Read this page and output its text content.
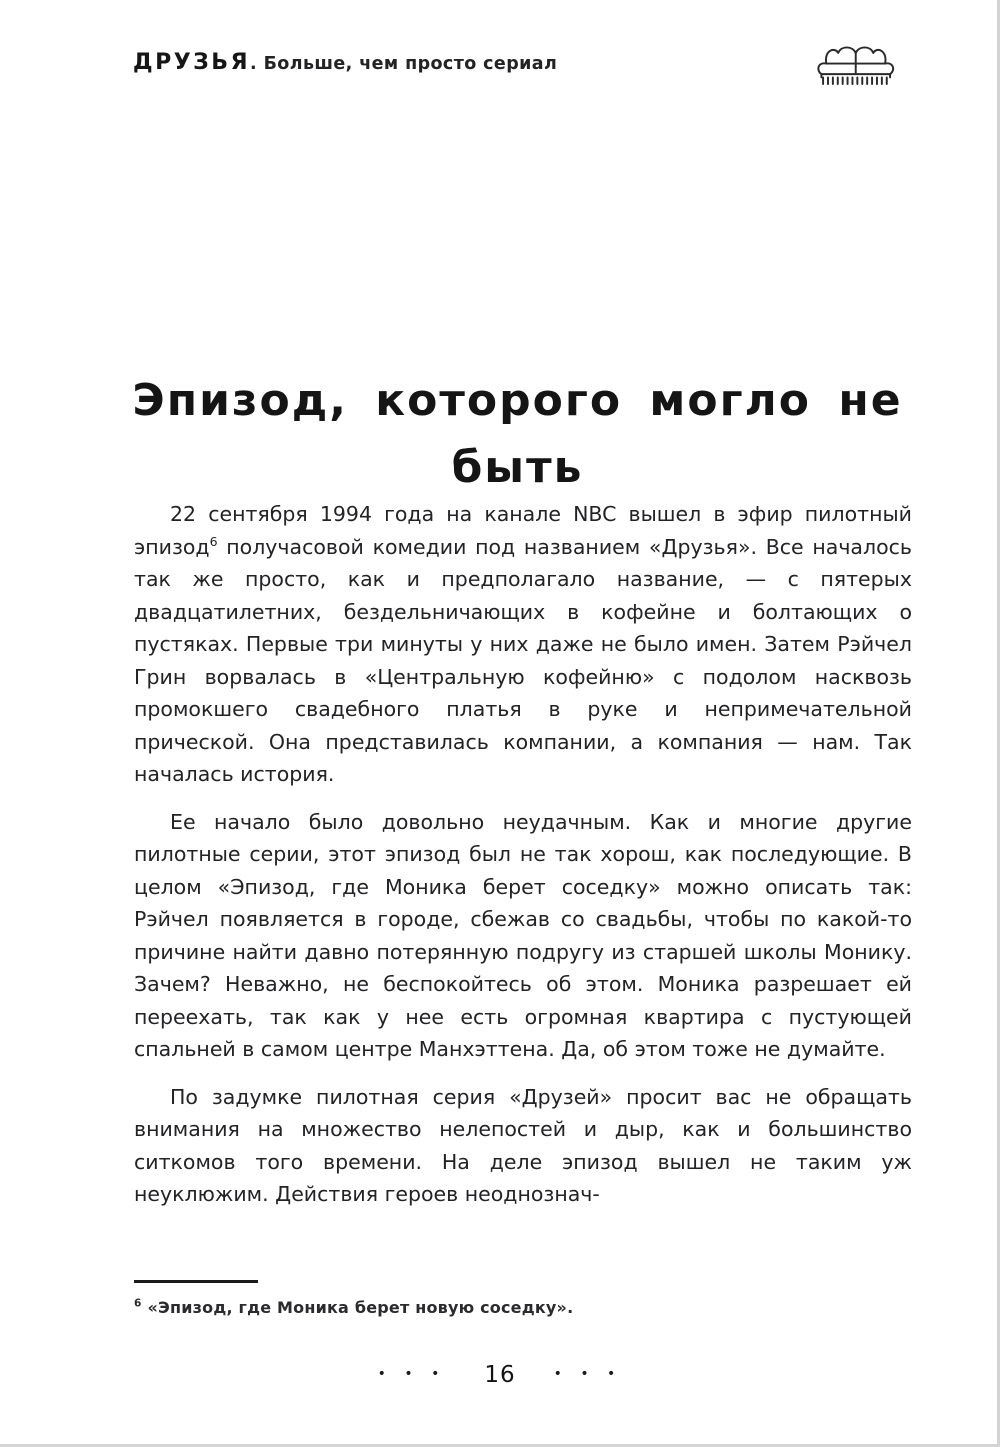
ДРУЗЬЯ. Больше, чем просто сериал
Эпизод, которого могло не
быть

22 сентября 1994 года на канале NBC вышел в эфир пилотный эпизод$^6$ получасовой комедии под названием «Друзья». Все началось так же просто, как и предполагало название, — с пятерых двадцатилетних, бездельничающих в кофейне и болтающих о пустяках. Первые три минуты у них даже не было имен. Затем Рэйчел Грин ворвалась в «Центральную кофейню» с подолом насквозь промокшего свадебного платья в руке и непримечательной прической. Она представилась компании, а компания — нам. Так началась история.

Ее начало было довольно неудачным. Как и многие другие пилотные серии, этот эпизод был не так хорош, как последующие. В целом «Эпизод, где Моника берет соседку» можно описать так: Рэйчел появляется в городе, сбежав со свадьбы, чтобы по какой-то причине найти давно потерянную подругу из старшей школы Монику. Зачем? Неважно, не беспокойтесь об этом. Моника разрешает ей переехать, так как у нее есть огромная квартира с пустующей спальней в самом центре Манхэттена. Да, об этом тоже не думайте.

По задумке пилотная серия «Друзей» просит вас не обращать внимания на множество нелепостей и дыр, как и большинство ситкомов того времени. На деле эпизод вышел не таким уж неуклюжим. Действия героев неоднознач-

$^6$ «Эпизод, где Моника берет новую соседку».
• • • 16	• • •
